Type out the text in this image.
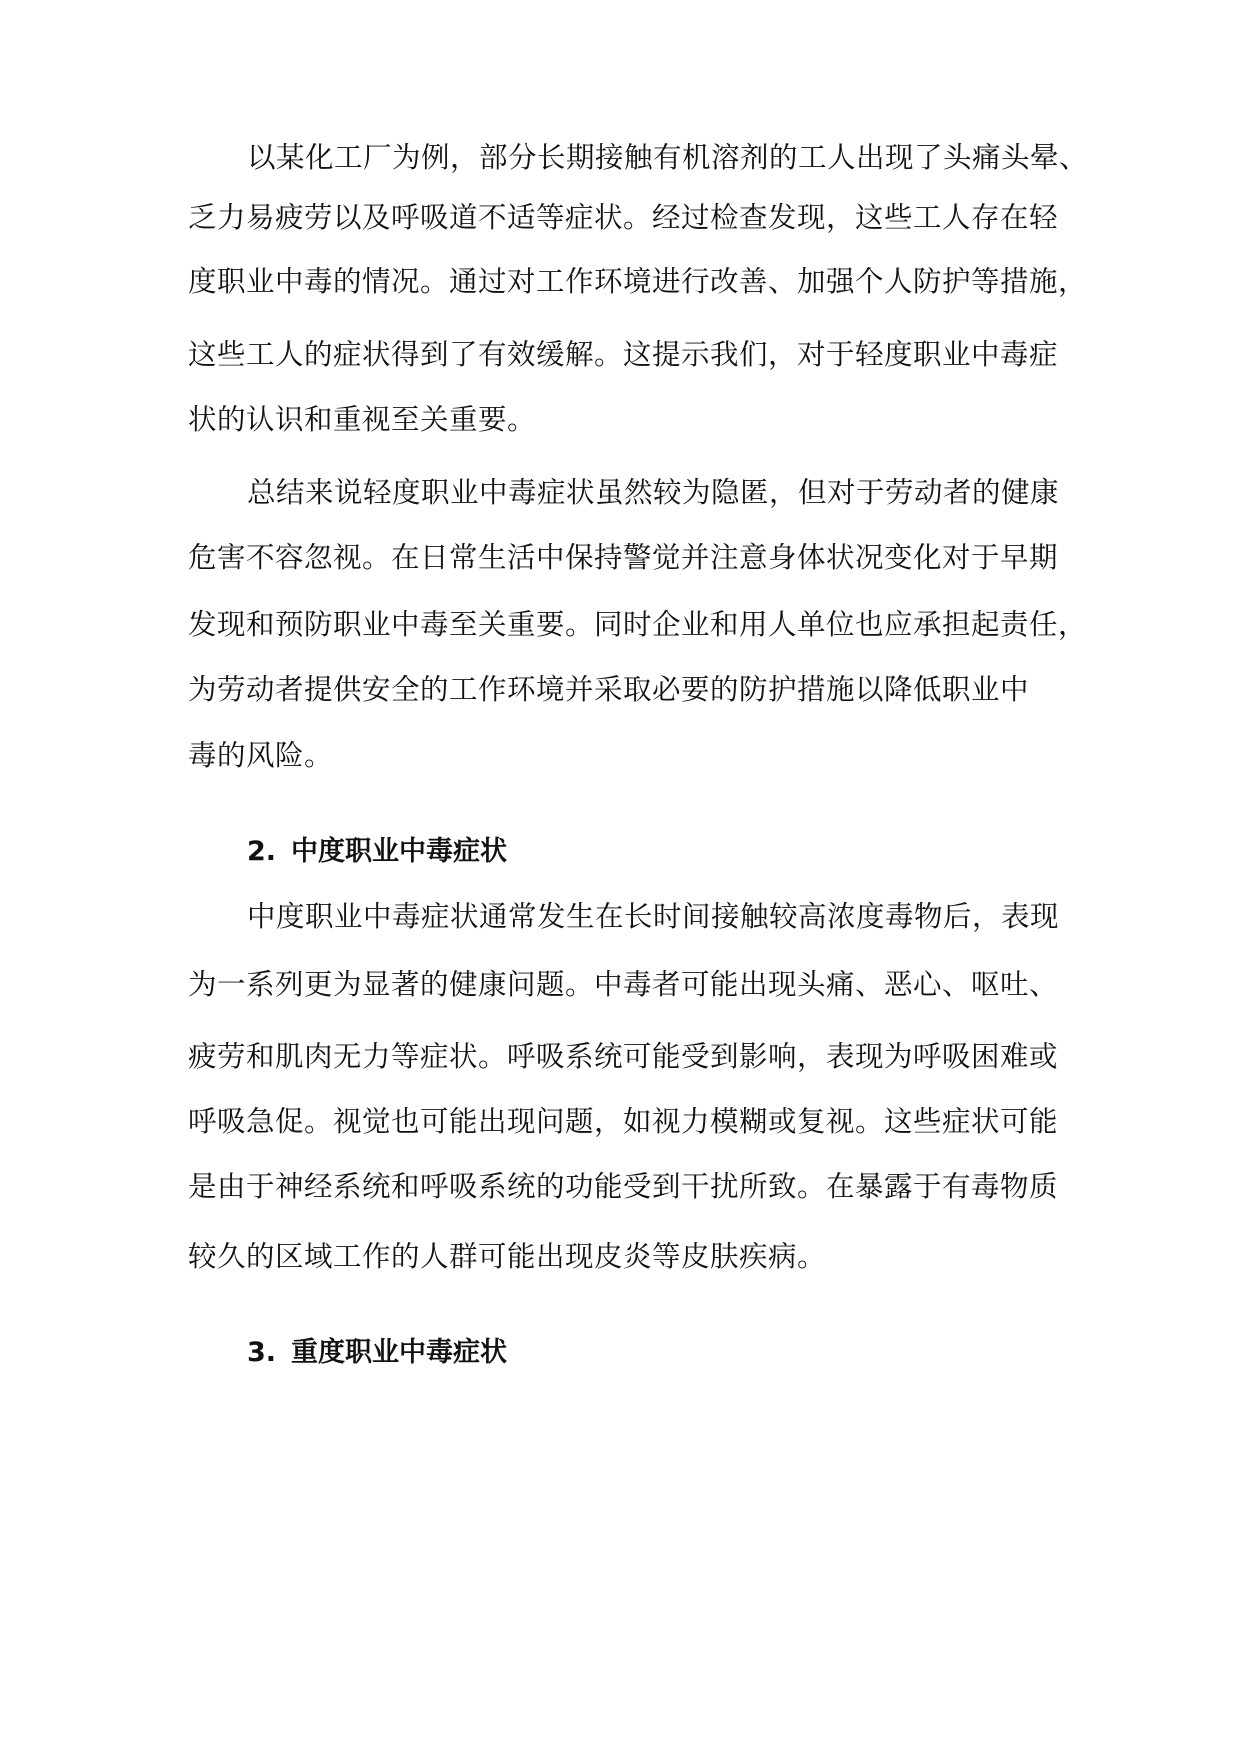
以某化工厂为例，部分长期接触有机溶剂的工人出现了头痛头晕、

乏力易疲劳以及呼吸道不适等症状。经过检查发现，这些工人存在轻

度职业中毒的情况。通过对工作环境进行改善、加强个人防护等措施，

这些工人的症状得到了有效缓解。这提示我们，对于轻度职业中毒症

状的认识和重视至关重要。

总结来说轻度职业中毒症状虽然较为隐匿，但对于劳动者的健康

危害不容忽视。在日常生活中保持警觉并注意身体状况变化对于早期

发现和预防职业中毒至关重要。同时企业和用人单位也应承担起责任，

为劳动者提供安全的工作环境并采取必要的防护措施以降低职业中

毒的风险。

2. 中度职业中毒症状

中度职业中毒症状通常发生在长时间接触较高浓度毒物后，表现

为一系列更为显著的健康问题。中毒者可能出现头痛、恶心、呕吐、

疲劳和肌肉无力等症状。呼吸系统可能受到影响，表现为呼吸困难或

呼吸急促。视觉也可能出现问题，如视力模糊或复视。这些症状可能

是由于神经系统和呼吸系统的功能受到干扰所致。在暴露于有毒物质

较久的区域工作的人群可能出现皮炎等皮肤疾病。

3. 重度职业中毒症状
